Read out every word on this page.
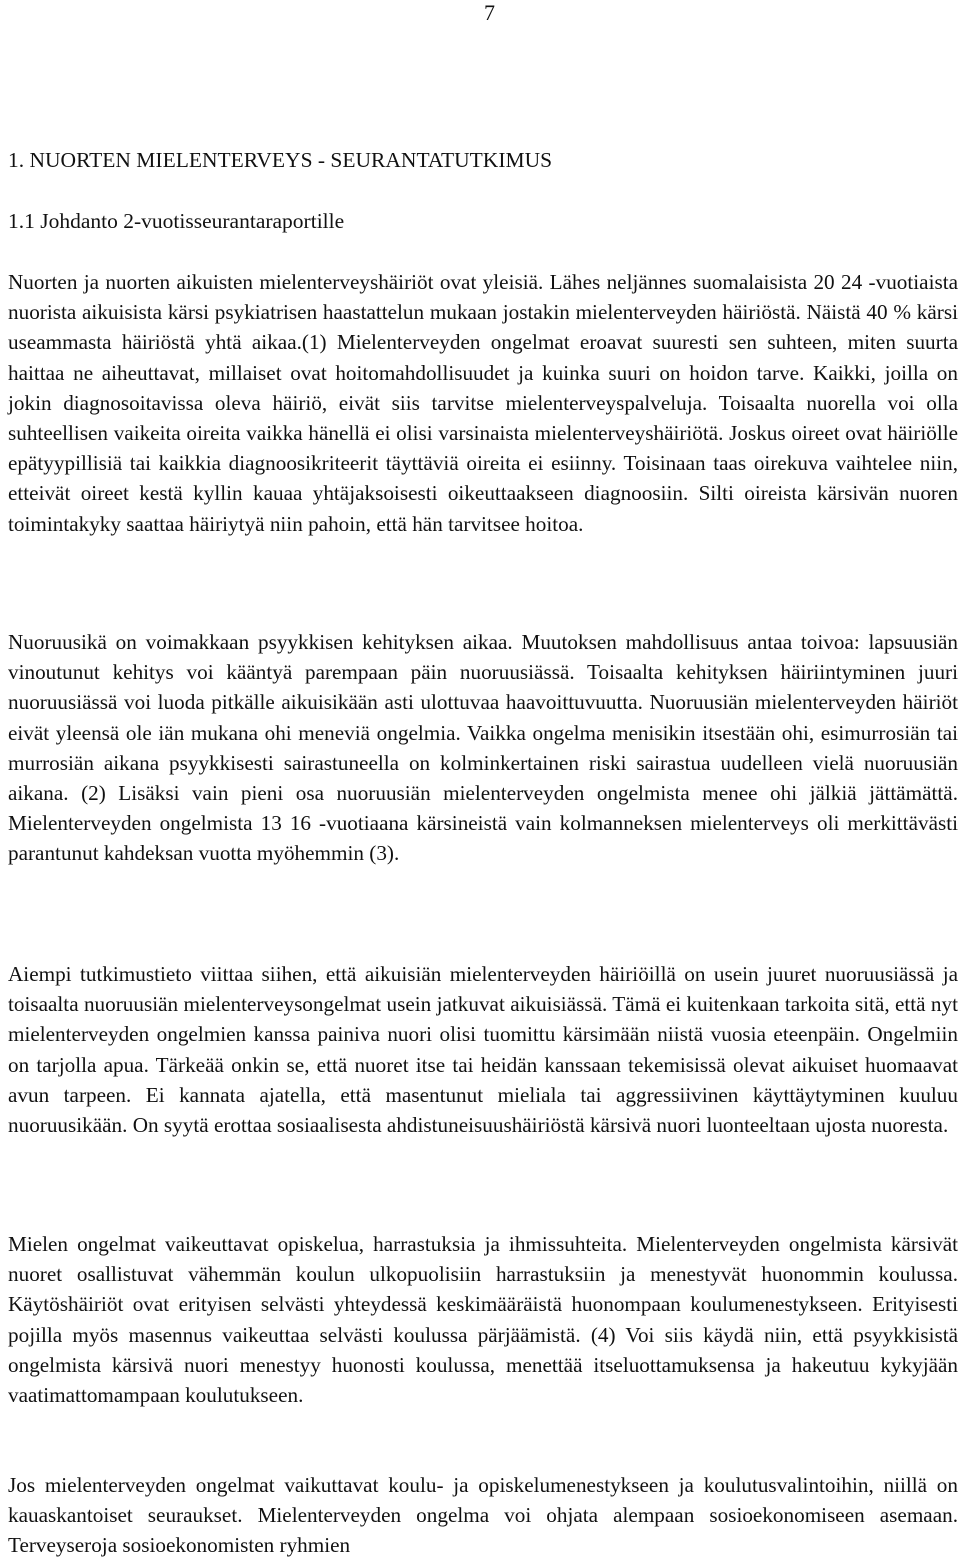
7
1. NUORTEN MIELENTERVEYS - SEURANTATUTKIMUS
1.1 Johdanto 2-vuotisseurantaraportille

Nuorten ja nuorten aikuisten mielenterveyshäiriöt ovat yleisiä. Lähes neljännes suomalaisista 20 24 -vuotiaista nuorista aikuisista kärsi psykiatrisen haastattelun mukaan jostakin mielenterveyden häiriöstä. Näistä 40 % kärsi useammasta häiriöstä yhtä aikaa.(1) Mielenterveyden ongelmat eroavat suuresti sen suhteen, miten suurta haittaa ne aiheuttavat, millaiset ovat hoitomahdollisuudet ja kuinka suuri on hoidon tarve. Kaikki, joilla on jokin diagnosoitavissa oleva häiriö, eivät siis tarvitse mielenterveyspalveluja. Toisaalta nuorella voi olla suhteellisen vaikeita oireita vaikka hänellä ei olisi varsinaista mielenterveyshäiriötä. Joskus oireet ovat häiriölle epätyypillisiä tai kaikkia diagnoosikriteerit täyttäviä oireita ei esiinny. Toisinaan taas oirekuva vaihtelee niin, etteivät oireet kestä kyllin kauaa yhtäjaksoisesti oikeuttaakseen diagnoosiin. Silti oireista kärsivän nuoren toimintakyky saattaa häiriytyä niin pahoin, että hän tarvitsee hoitoa.

Nuoruusikä on voimakkaan psyykkisen kehityksen aikaa. Muutoksen mahdollisuus antaa toivoa: lapsuusiän vinoutunut kehitys voi kääntyä parempaan päin nuoruusiässä. Toisaalta kehityksen häiriintyminen juuri nuoruusiässä voi luoda pitkälle aikuisikään asti ulottuvaa haavoittuvuutta. Nuoruusiän mielenterveyden häiriöt eivät yleensä ole iän mukana ohi meneviä ongelmia. Vaikka ongelma menisikin itsestään ohi, esimurrosiän tai murrosiän aikana psyykkisesti sairastuneella on kolminkertainen riski sairastua uudelleen vielä nuoruusiän aikana. (2) Lisäksi vain pieni osa nuoruusiän mielenterveyden ongelmista menee ohi jälkiä jättämättä. Mielenterveyden ongelmista 13 16 -vuotiaana kärsineistä vain kolmanneksen mielenterveys oli merkittävästi parantunut kahdeksan vuotta myöhemmin (3).

Aiempi tutkimustieto viittaa siihen, että aikuisiän mielenterveyden häiriöillä on usein juuret nuoruusiässä ja toisaalta nuoruusiän mielenterveysongelmat usein jatkuvat aikuisiässä. Tämä ei kuitenkaan tarkoita sitä, että nyt mielenterveyden ongelmien kanssa painiva nuori olisi tuomittu kärsimään niistä vuosia eteenpäin. Ongelmiin on tarjolla apua. Tärkeää onkin se, että nuoret itse tai heidän kanssaan tekemisissä olevat aikuiset huomaavat avun tarpeen. Ei kannata ajatella, että masentunut mieliala tai aggressiivinen käyttäytyminen kuuluu nuoruusikään. On syytä erottaa sosiaalisesta ahdistuneisuushäiriöstä kärsivä nuori luonteeltaan ujosta nuoresta.

Mielen ongelmat vaikeuttavat opiskelua, harrastuksia ja ihmissuhteita. Mielenterveyden ongelmista kärsivät nuoret osallistuvat vähemmän koulun ulkopuolisiin harrastuksiin ja menestyvät huonommin koulussa. Käytöshäiriöt ovat erityisen selvästi yhteydessä keskimääräistä huonompaan koulumenestykseen. Erityisesti pojilla myös masennus vaikeuttaa selvästi koulussa pärjäämistä. (4) Voi siis käydä niin, että psyykkisistä ongelmista kärsivä nuori menestyy huonosti koulussa, menettää itseluottamuksensa ja hakeutuu kykyjään vaatimattomampaan koulutukseen.

Jos mielenterveyden ongelmat vaikuttavat koulu- ja opiskelumenestykseen ja koulutusvalintoihin, niillä on kauaskantoiset seuraukset. Mielenterveyden ongelma voi ohjata alempaan sosioekonomiseen asemaan. Terveyseroja sosioekonomisten ryhmien
